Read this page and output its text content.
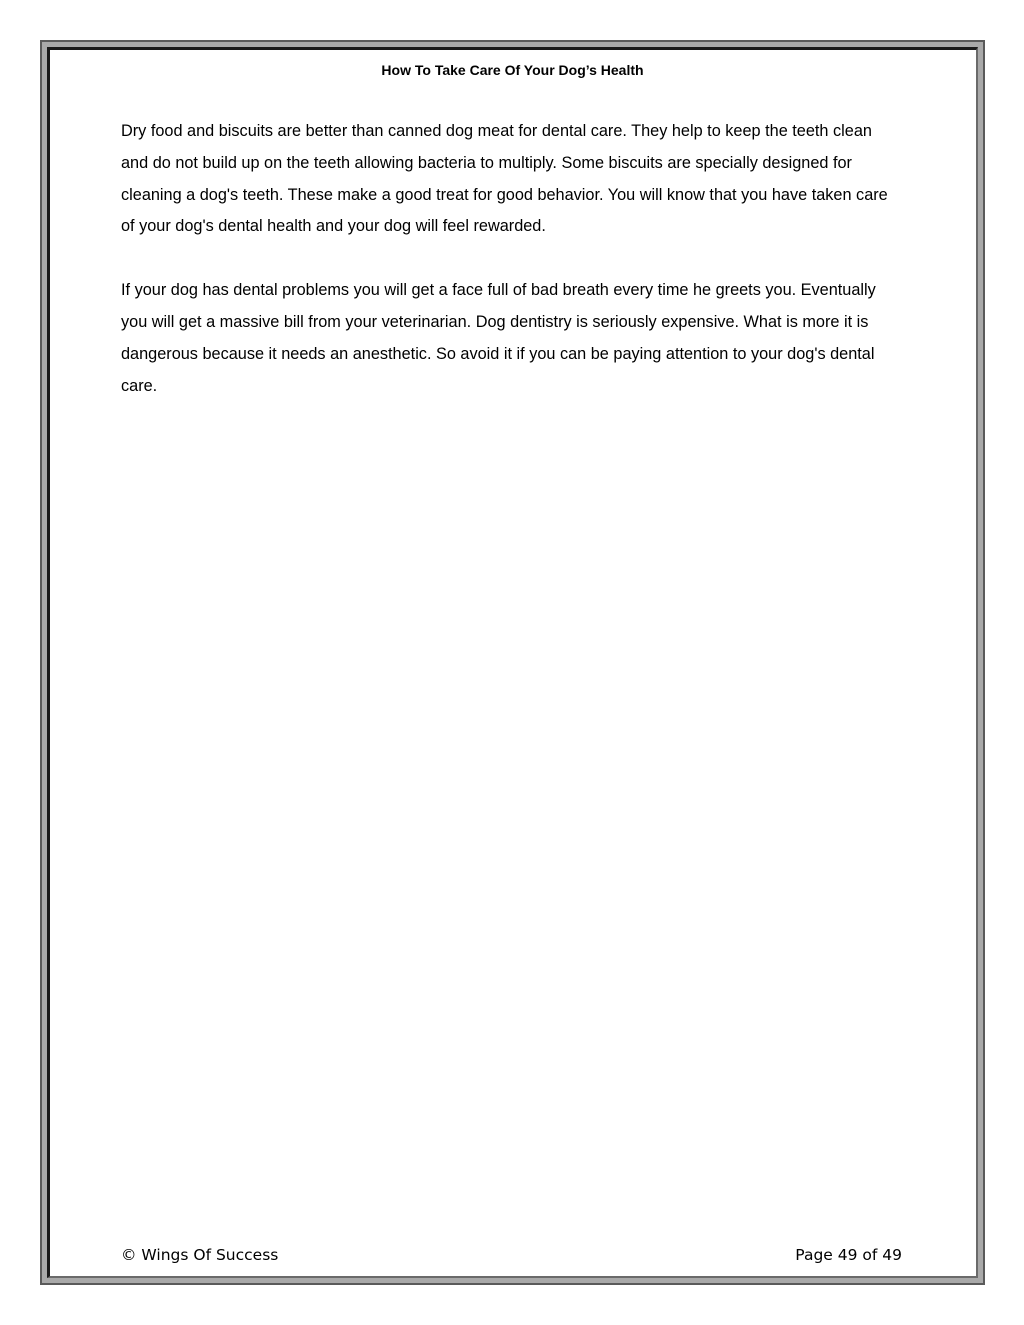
How To Take Care Of Your Dog’s Health

Dry food and biscuits are better than canned dog meat for dental care. They help to keep the teeth clean and do not build up on the teeth allowing bacteria to multiply. Some biscuits are specially designed for cleaning a dog's teeth. These make a good treat for good behavior. You will know that you have taken care of your dog's dental health and your dog will feel rewarded.

If your dog has dental problems you will get a face full of bad breath every time he greets you. Eventually you will get a massive bill from your veterinarian. Dog dentistry is seriously expensive. What is more it is dangerous because it needs an anesthetic. So avoid it if you can be paying attention to your dog's dental care.

© Wings Of Success	Page 49 of 49
